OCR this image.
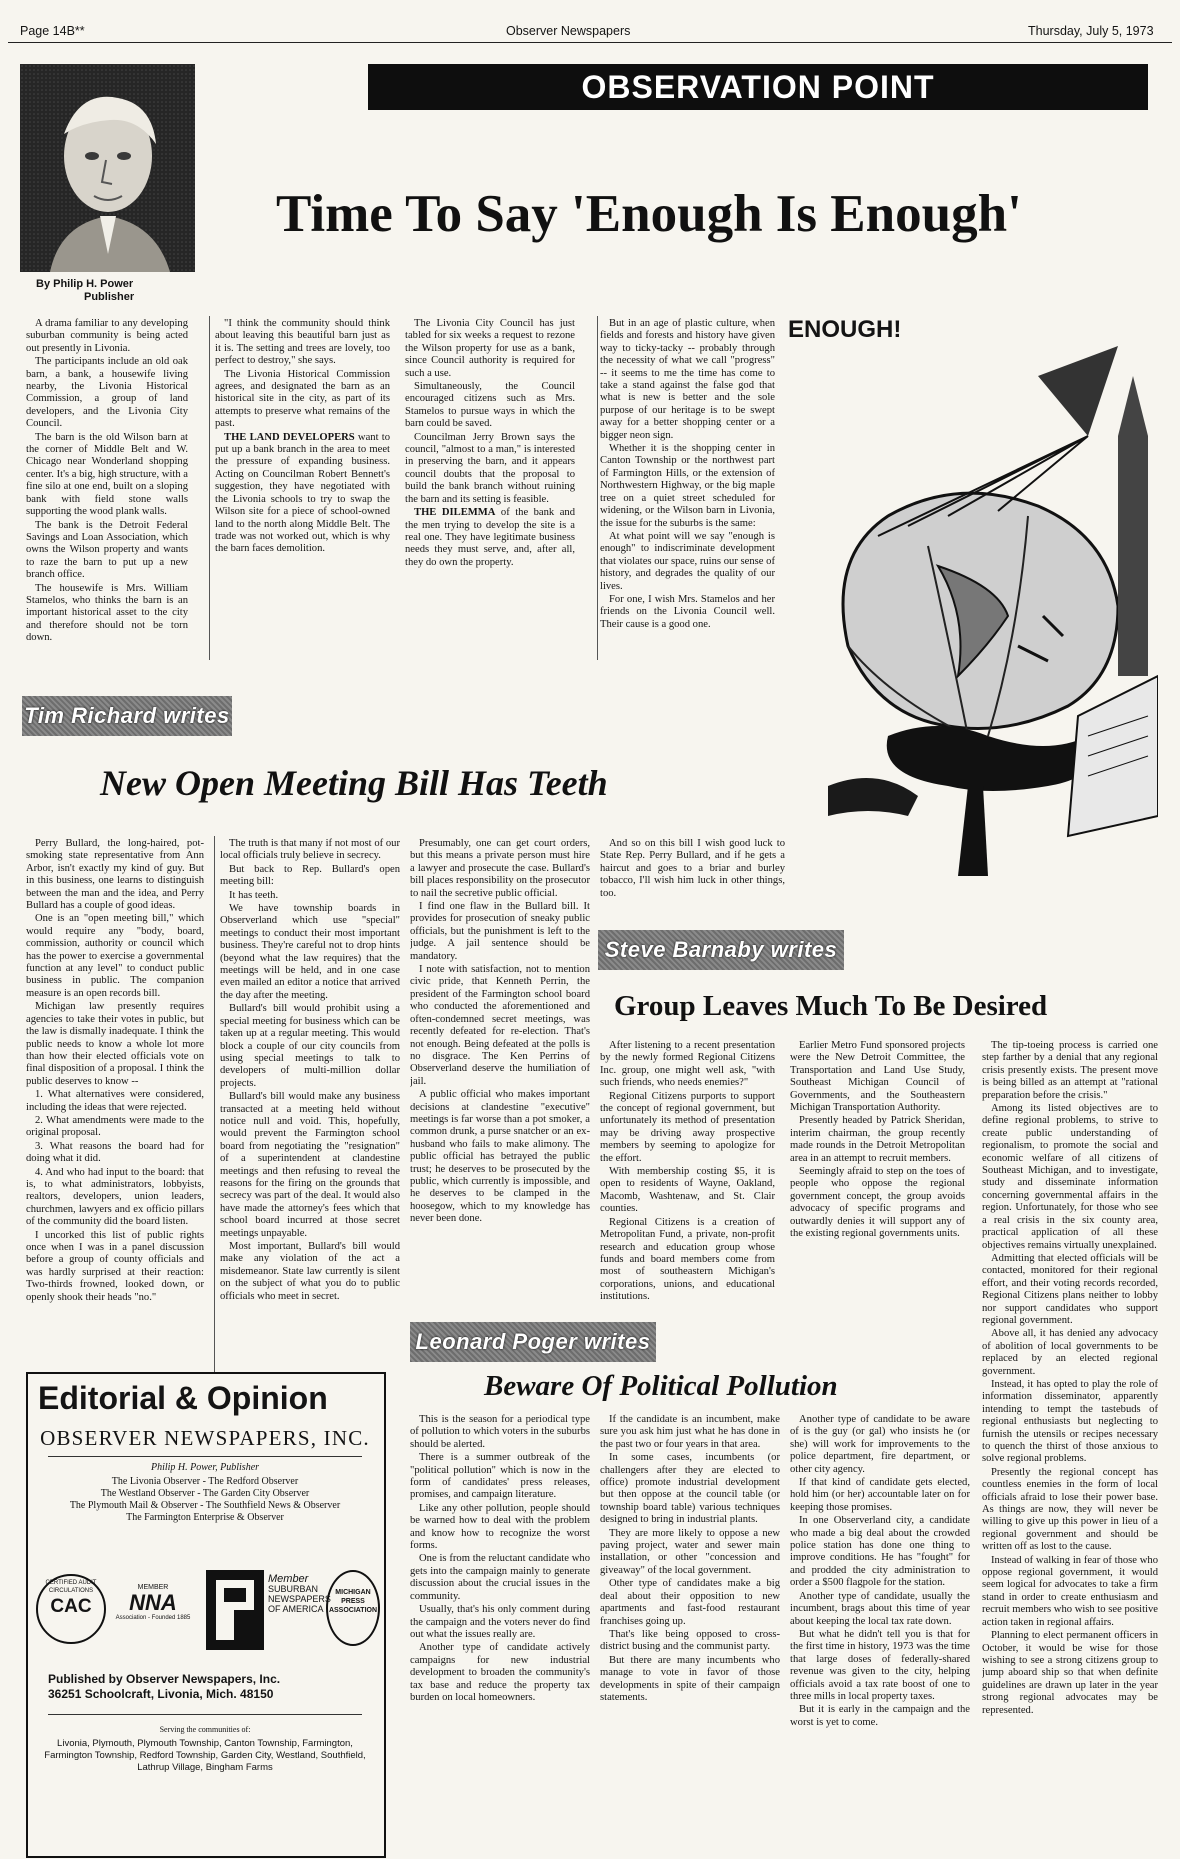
Page 14B**	Observer Newspapers	Thursday, July 5, 1973
OBSERVATION POINT
By Philip H. Power
Publisher
Time To Say 'Enough Is Enough'

A drama familiar to any developing suburban community is being acted out presently in Livonia.

The participants include an old oak barn, a bank, a housewife living nearby, the Livonia Historical Commission, a group of land developers, and the Livonia City Council.

The barn is the old Wilson barn at the corner of Middle Belt and W. Chicago near Wonderland shopping center. It's a big, high structure, with a fine silo at one end, built on a sloping bank with field stone walls supporting the wood plank walls.

The bank is the Detroit Federal Savings and Loan Association, which owns the Wilson property and wants to raze the barn to put up a new branch office.

The housewife is Mrs. William Stamelos, who thinks the barn is an important historical asset to the city and therefore should not be torn down.

"I think the community should think about leaving this beautiful barn just as it is. The setting and trees are lovely, too perfect to destroy," she says.

The Livonia Historical Commission agrees, and designated the barn as an historical site in the city, as part of its attempts to preserve what remains of the past.

THE LAND DEVELOPERS want to put up a bank branch in the area to meet the pressure of expanding business. Acting on Councilman Robert Bennett's suggestion, they have negotiated with the Livonia schools to try to swap the Wilson site for a piece of school-owned land to the north along Middle Belt. The trade was not worked out, which is why the barn faces demolition.

The Livonia City Council has just tabled for six weeks a request to rezone the Wilson property for use as a bank, since Council authority is required for such a use.

Simultaneously, the Council encouraged citizens such as Mrs. Stamelos to pursue ways in which the barn could be saved.

Councilman Jerry Brown says the council, "almost to a man," is interested in preserving the barn, and it appears council doubts that the proposal to build the bank branch without ruining the barn and its setting is feasible.

THE DILEMMA of the bank and the men trying to develop the site is a real one. They have legitimate business needs they must serve, and, after all, they do own the property.

But in an age of plastic culture, when fields and forests and history have given way to ticky-tacky -- probably through the necessity of what we call "progress" -- it seems to me the time has come to take a stand against the false god that what is new is better and the sole purpose of our heritage is to be swept away for a better shopping center or a bigger neon sign.

Whether it is the shopping center in Canton Township or the northwest part of Farmington Hills, or the extension of Northwestern Highway, or the big maple tree on a quiet street scheduled for widening, or the Wilson barn in Livonia, the issue for the suburbs is the same:

At what point will we say "enough is enough" to indiscriminate development that violates our space, ruins our sense of history, and degrades the quality of our lives.

For one, I wish Mrs. Stamelos and her friends on the Livonia Council well. Their cause is a good one.

ENOUGH!
Tim Richard writes
New Open Meeting Bill Has Teeth

Perry Bullard, the long-haired, pot-smoking state representative from Ann Arbor, isn't exactly my kind of guy. But in this business, one learns to distinguish between the man and the idea, and Perry Bullard has a couple of good ideas.

One is an "open meeting bill," which would require any "body, board, commission, authority or council which has the power to exercise a governmental function at any level" to conduct public business in public. The companion measure is an open records bill.

Michigan law presently requires agencies to take their votes in public, but the law is dismally inadequate. I think the public needs to know a whole lot more than how their elected officials vote on final disposition of a proposal. I think the public deserves to know --

1. What alternatives were considered, including the ideas that were rejected.

2. What amendments were made to the original proposal.

3. What reasons the board had for doing what it did.

4. And who had input to the board: that is, to what administrators, lobbyists, realtors, developers, union leaders, churchmen, lawyers and ex officio pillars of the community did the board listen.

I uncorked this list of public rights once when I was in a panel discussion before a group of county officials and was hardly surprised at their reaction: Two-thirds frowned, looked down, or openly shook their heads "no."

The truth is that many if not most of our local officials truly believe in secrecy.

But back to Rep. Bullard's open meeting bill:

It has teeth.

We have township boards in Observerland which use "special" meetings to conduct their most important business. They're careful not to drop hints (beyond what the law requires) that the meetings will be held, and in one case even mailed an editor a notice that arrived the day after the meeting.

Bullard's bill would prohibit using a special meeting for business which can be taken up at a regular meeting. This would block a couple of our city councils from using special meetings to talk to developers of multi-million dollar projects.

Bullard's bill would make any business transacted at a meeting held without notice null and void. This, hopefully, would prevent the Farmington school board from negotiating the "resignation" of a superintendent at clandestine meetings and then refusing to reveal the reasons for the firing on the grounds that secrecy was part of the deal. It would also have made the attorney's fees which that school board incurred at those secret meetings unpayable.

Most important, Bullard's bill would make any violation of the act a misdemeanor. State law currently is silent on the subject of what you do to public officials who meet in secret.

Presumably, one can get court orders, but this means a private person must hire a lawyer and prosecute the case. Bullard's bill places responsibility on the prosecutor to nail the secretive public official.

I find one flaw in the Bullard bill. It provides for prosecution of sneaky public officials, but the punishment is left to the judge. A jail sentence should be mandatory.

I note with satisfaction, not to mention civic pride, that Kenneth Perrin, the president of the Farmington school board who conducted the aforementioned and often-condemned secret meetings, was recently defeated for re-election. That's not enough. Being defeated at the polls is no disgrace. The Ken Perrins of Observerland deserve the humiliation of jail.

A public official who makes important decisions at clandestine "executive" meetings is far worse than a pot smoker, a common drunk, a purse snatcher or an ex-husband who fails to make alimony. The public official has betrayed the public trust; he deserves to be prosecuted by the public, which currently is impossible, and he deserves to be clamped in the hoosegow, which to my knowledge has never been done.

And so on this bill I wish good luck to State Rep. Perry Bullard, and if he gets a haircut and goes to a briar and burley tobacco, I'll wish him luck in other things, too.

Steve Barnaby writes
Group Leaves Much To Be Desired

After listening to a recent presentation by the newly formed Regional Citizens Inc. group, one might well ask, "with such friends, who needs enemies?"

Regional Citizens purports to support the concept of regional government, but unfortunately its method of presentation may be driving away prospective members by seeming to apologize for the effort.

With membership costing $5, it is open to residents of Wayne, Oakland, Macomb, Washtenaw, and St. Clair counties.

Regional Citizens is a creation of Metropolitan Fund, a private, non-profit research and education group whose funds and board members come from most of southeastern Michigan's corporations, unions, and educational institutions.

Earlier Metro Fund sponsored projects were the New Detroit Committee, the Transportation and Land Use Study, Southeast Michigan Council of Governments, and the Southeastern Michigan Transportation Authority.

Presently headed by Patrick Sheridan, interim chairman, the group recently made rounds in the Detroit Metropolitan area in an attempt to recruit members.

Seemingly afraid to step on the toes of people who oppose the regional government concept, the group avoids advocacy of specific programs and outwardly denies it will support any of the existing regional governments units.

The tip-toeing process is carried one step farther by a denial that any regional crisis presently exists. The present move is being billed as an attempt at "rational preparation before the crisis."

Among its listed objectives are to define regional problems, to strive to create public understanding of regionalism, to promote the social and economic welfare of all citizens of Southeast Michigan, and to investigate, study and disseminate information concerning governmental affairs in the region. Unfortunately, for those who see a real crisis in the six county area, practical application of all these objectives remains virtually unexplained.

Admitting that elected officials will be contacted, monitored for their regional effort, and their voting records recorded, Regional Citizens plans neither to lobby nor support candidates who support regional government.

Above all, it has denied any advocacy of abolition of local governments to be replaced by an elected regional government.

Instead, it has opted to play the role of information disseminator, apparently intending to tempt the tastebuds of regional enthusiasts but neglecting to furnish the utensils or recipes necessary to quench the thirst of those anxious to solve regional problems.

Presently the regional concept has countless enemies in the form of local officials afraid to lose their power base. As things are now, they will never be willing to give up this power in lieu of a regional government and should be written off as lost to the cause.

Instead of walking in fear of those who oppose regional government, it would seem logical for advocates to take a firm stand in order to create enthusiasm and recruit members who wish to see positive action taken in regional affairs.

Planning to elect permanent officers in October, it would be wise for those wishing to see a strong citizens group to jump aboard ship so that when definite guidelines are drawn up later in the year strong regional advocates may be represented.

Leonard Poger writes
Beware Of Political Pollution

This is the season for a periodical type of pollution to which voters in the suburbs should be alerted.

There is a summer outbreak of the "political pollution" which is now in the form of candidates' press releases, promises, and campaign literature.

Like any other pollution, people should be warned how to deal with the problem and know how to recognize the worst forms.

One is from the reluctant candidate who gets into the campaign mainly to generate discussion about the crucial issues in the community.

Usually, that's his only comment during the campaign and the voters never do find out what the issues really are.

Another type of candidate actively campaigns for new industrial development to broaden the community's tax base and reduce the property tax burden on local homeowners.

If the candidate is an incumbent, make sure you ask him just what he has done in the past two or four years in that area.

In some cases, incumbents (or challengers after they are elected to office) promote industrial development but then oppose at the council table (or township board table) various techniques designed to bring in industrial plants.

They are more likely to oppose a new paving project, water and sewer main installation, or other "concession and giveaway" of the local government.

Other type of candidates make a big deal about their opposition to new apartments and fast-food restaurant franchises going up.

That's like being opposed to cross-district busing and the communist party.

But there are many incumbents who manage to vote in favor of those developments in spite of their campaign statements.

Another type of candidate to be aware of is the guy (or gal) who insists he (or she) will work for improvements to the police department, fire department, or other city agency.

If that kind of candidate gets elected, hold him (or her) accountable later on for keeping those promises.

In one Observerland city, a candidate who made a big deal about the crowded police station has done one thing to improve conditions. He has "fought" for and prodded the city administration to order a $500 flagpole for the station.

Another type of candidate, usually the incumbent, brags about this time of year about keeping the local tax rate down.

But what he didn't tell you is that for the first time in history, 1973 was the time that large doses of federally-shared revenue was given to the city, helping officials avoid a tax rate boost of one to three mills in local property taxes.

But it is early in the campaign and the worst is yet to come.

Editorial & Opinion
OBSERVER NEWSPAPERS, INC.
Philip H. Power, Publisher
The Livonia Observer - The Redford Observer
The Westland Observer - The Garden City Observer
The Plymouth Mail & Observer - The Southfield News & Observer
The Farmington Enterprise & Observer
CERTIFIED AUDIT CIRCULATIONS
CAC
MEMBER
NNA
Association - Founded 1885
Member
SUBURBAN NEWSPAPERS OF AMERICA
MICHIGAN PRESS ASSOCIATION
Published by Observer Newspapers, Inc.
36251 Schoolcraft, Livonia, Mich. 48150
Serving the communities of:
Livonia, Plymouth, Plymouth Township, Canton Township, Farmington, Farmington Township, Redford Township, Garden City, Westland, Southfield, Lathrup Village, Bingham Farms
